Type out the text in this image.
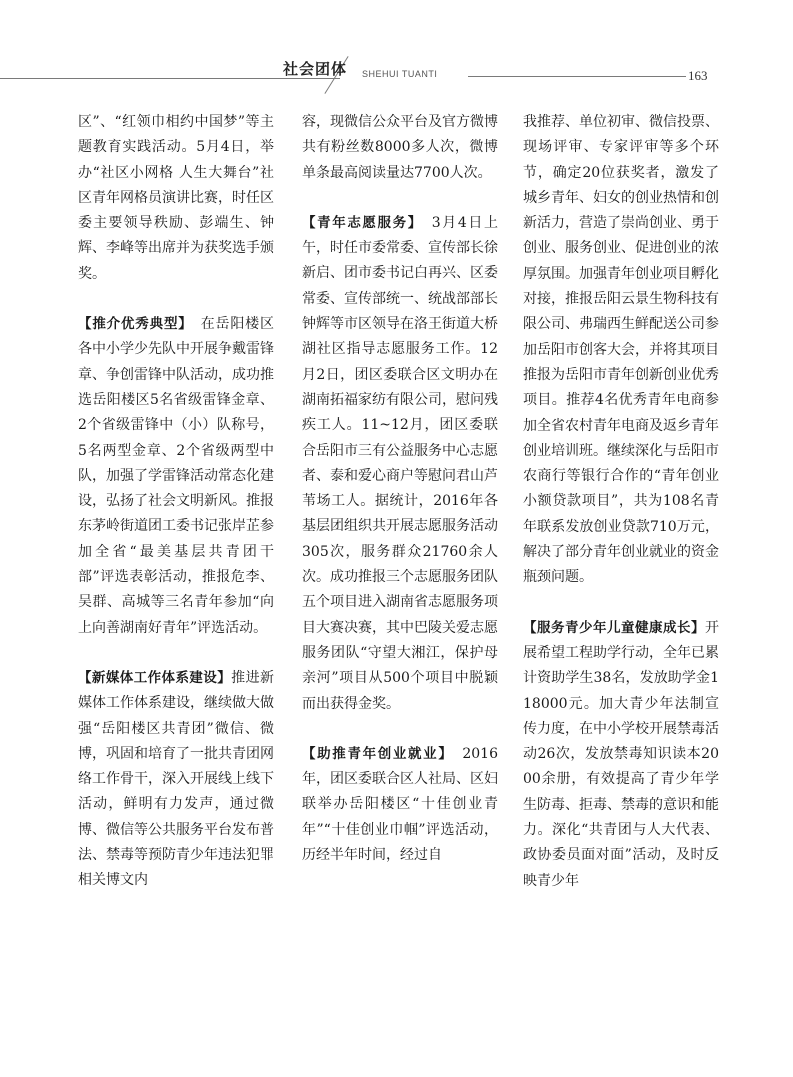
社会团体 SHEHUI TUANTI	163

区”、“红领巾相约中国梦”等主题教育实践活动。5月4日，举办“社区小网格 人生大舞台”社区青年网格员演讲比赛，时任区委主要领导秩励、彭端生、钟辉、李峰等出席并为获奖选手颁奖。

【推介优秀典型】　在岳阳楼区各中小学少先队中开展争戴雷锋章、争创雷锋中队活动，成功推选岳阳楼区5名省级雷锋金章、2个省级雷锋中（小）队称号，5名两型金章、2个省级两型中队，加强了学雷锋活动常态化建设，弘扬了社会文明新风。推报东茅岭街道团工委书记张岸芷参加全省“最美基层共青团干部”评选表彰活动，推报危李、吴群、高城等三名青年参加“向上向善湖南好青年”评选活动。

【新媒体工作体系建设】推进新媒体工作体系建设，继续做大做强“岳阳楼区共青团”微信、微博，巩固和培育了一批共青团网络工作骨干，深入开展线上线下活动，鲜明有力发声，通过微博、微信等公共服务平台发布普法、禁毒等预防青少年违法犯罪相关博文内

容，现微信公众平台及官方微博共有粉丝数8000多人次，微博单条最高阅读量达7700人次。

【青年志愿服务】　3月4日上午，时任市委常委、宣传部长徐新启、团市委书记白再兴、区委常委、宣传部统一、统战部部长钟辉等市区领导在洛王街道大桥湖社区指导志愿服务工作。12月2日，团区委联合区文明办在湖南拓福家纺有限公司，慰问残疾工人。11~12月，团区委联合岳阳市三有公益服务中心志愿者、泰和爱心商户等慰问君山芦苇场工人。据统计，2016年各基层团组织共开展志愿服务活动305次，服务群众21760余人次。成功推报三个志愿服务团队五个项目进入湖南省志愿服务项目大赛决赛，其中巴陵关爱志愿服务团队“守望大湘江，保护母亲河”项目从500个项目中脱颖而出获得金奖。

【助推青年创业就业】　2016年，团区委联合区人社局、区妇联举办岳阳楼区“十佳创业青年”“十佳创业巾帼”评选活动，历经半年时间，经过自

我推荐、单位初审、微信投票、现场评审、专家评审等多个环节，确定20位获奖者，激发了城乡青年、妇女的创业热情和创新活力，营造了崇尚创业、勇于创业、服务创业、促进创业的浓厚氛围。加强青年创业项目孵化对接，推报岳阳云景生物科技有限公司、弗瑞西生鲜配送公司参加岳阳市创客大会，并将其项目推报为岳阳市青年创新创业优秀项目。推荐4名优秀青年电商参加全省农村青年电商及返乡青年创业培训班。继续深化与岳阳市农商行等银行合作的“青年创业小额贷款项目”，共为108名青年联系发放创业贷款710万元，解决了部分青年创业就业的资金瓶颈问题。

【服务青少年儿童健康成长】开展希望工程助学行动，全年已累计资助学生38名，发放助学金118000元。加大青少年法制宣传力度，在中小学校开展禁毒活动26次，发放禁毒知识读本2000余册，有效提高了青少年学生防毒、拒毒、禁毒的意识和能力。深化“共青团与人大代表、政协委员面对面”活动，及时反映青少年
